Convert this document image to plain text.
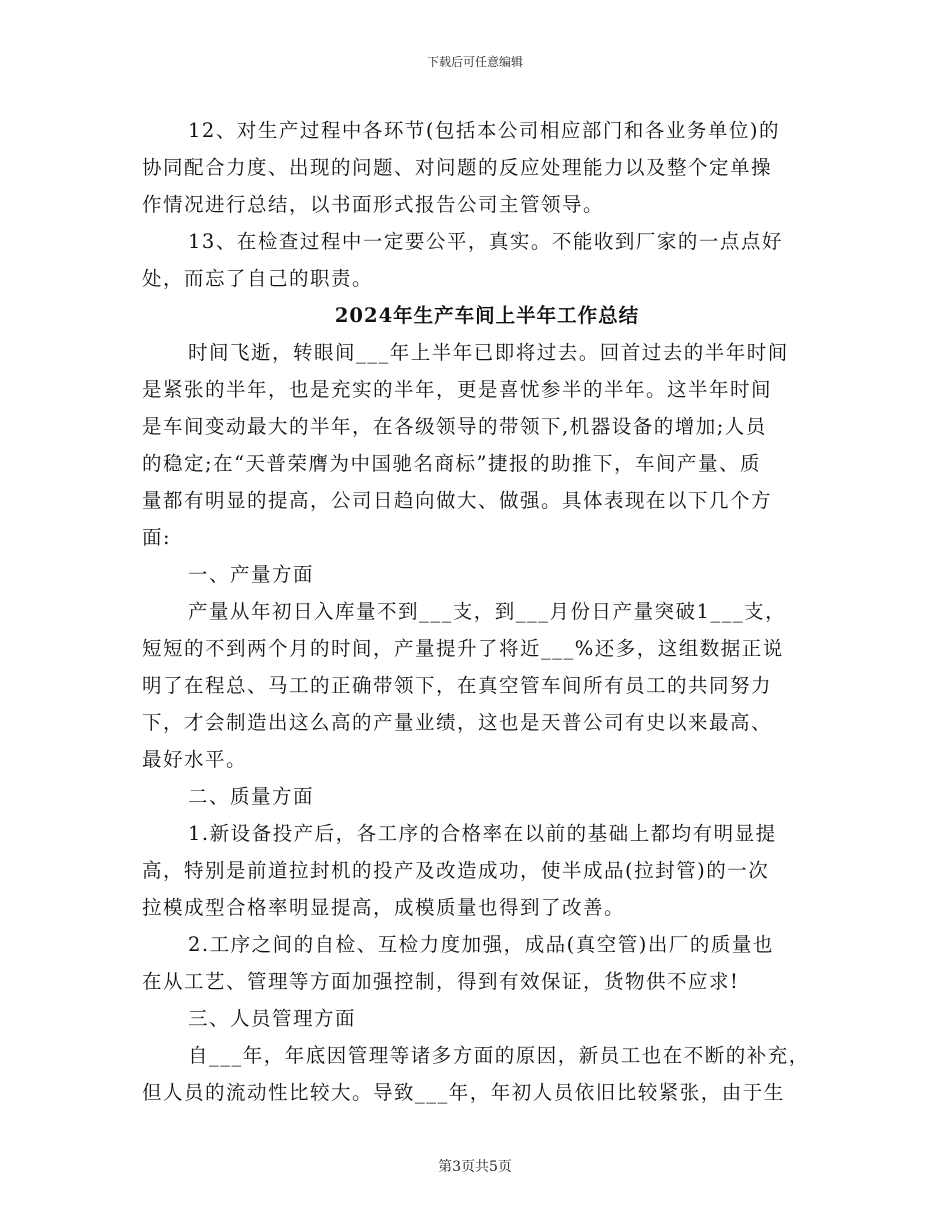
下载后可任意编辑
12、对生产过程中各环节(包括本公司相应部门和各业务单位)的
协同配合力度、出现的问题、对问题的反应处理能力以及整个定单操
作情况进行总结，以书面形式报告公司主管领导。
13、在检查过程中一定要公平，真实。不能收到厂家的一点点好
处，而忘了自己的职责。
2024年生产车间上半年工作总结
时间飞逝，转眼间___年上半年已即将过去。回首过去的半年时间
是紧张的半年，也是充实的半年，更是喜忧参半的半年。这半年时间
是车间变动最大的半年，在各级领导的带领下,机器设备的增加;人员
的稳定;在“天普荣膺为中国驰名商标”捷报的助推下，车间产量、质
量都有明显的提高，公司日趋向做大、做强。具体表现在以下几个方
面:
一、产量方面
产量从年初日入库量不到___支，到___月份日产量突破1___支，
短短的不到两个月的时间，产量提升了将近___%还多，这组数据正说
明了在程总、马工的正确带领下，在真空管车间所有员工的共同努力
下，才会制造出这么高的产量业绩，这也是天普公司有史以来最高、
最好水平。
二、质量方面
1.新设备投产后，各工序的合格率在以前的基础上都均有明显提
高，特别是前道拉封机的投产及改造成功，使半成品(拉封管)的一次
拉模成型合格率明显提高，成模质量也得到了改善。
2.工序之间的自检、互检力度加强，成品(真空管)出厂的质量也
在从工艺、管理等方面加强控制，得到有效保证，货物供不应求!
三、人员管理方面
自___年，年底因管理等诸多方面的原因，新员工也在不断的补充，
但人员的流动性比较大。导致___年，年初人员依旧比较紧张，由于生
第3页共5页
